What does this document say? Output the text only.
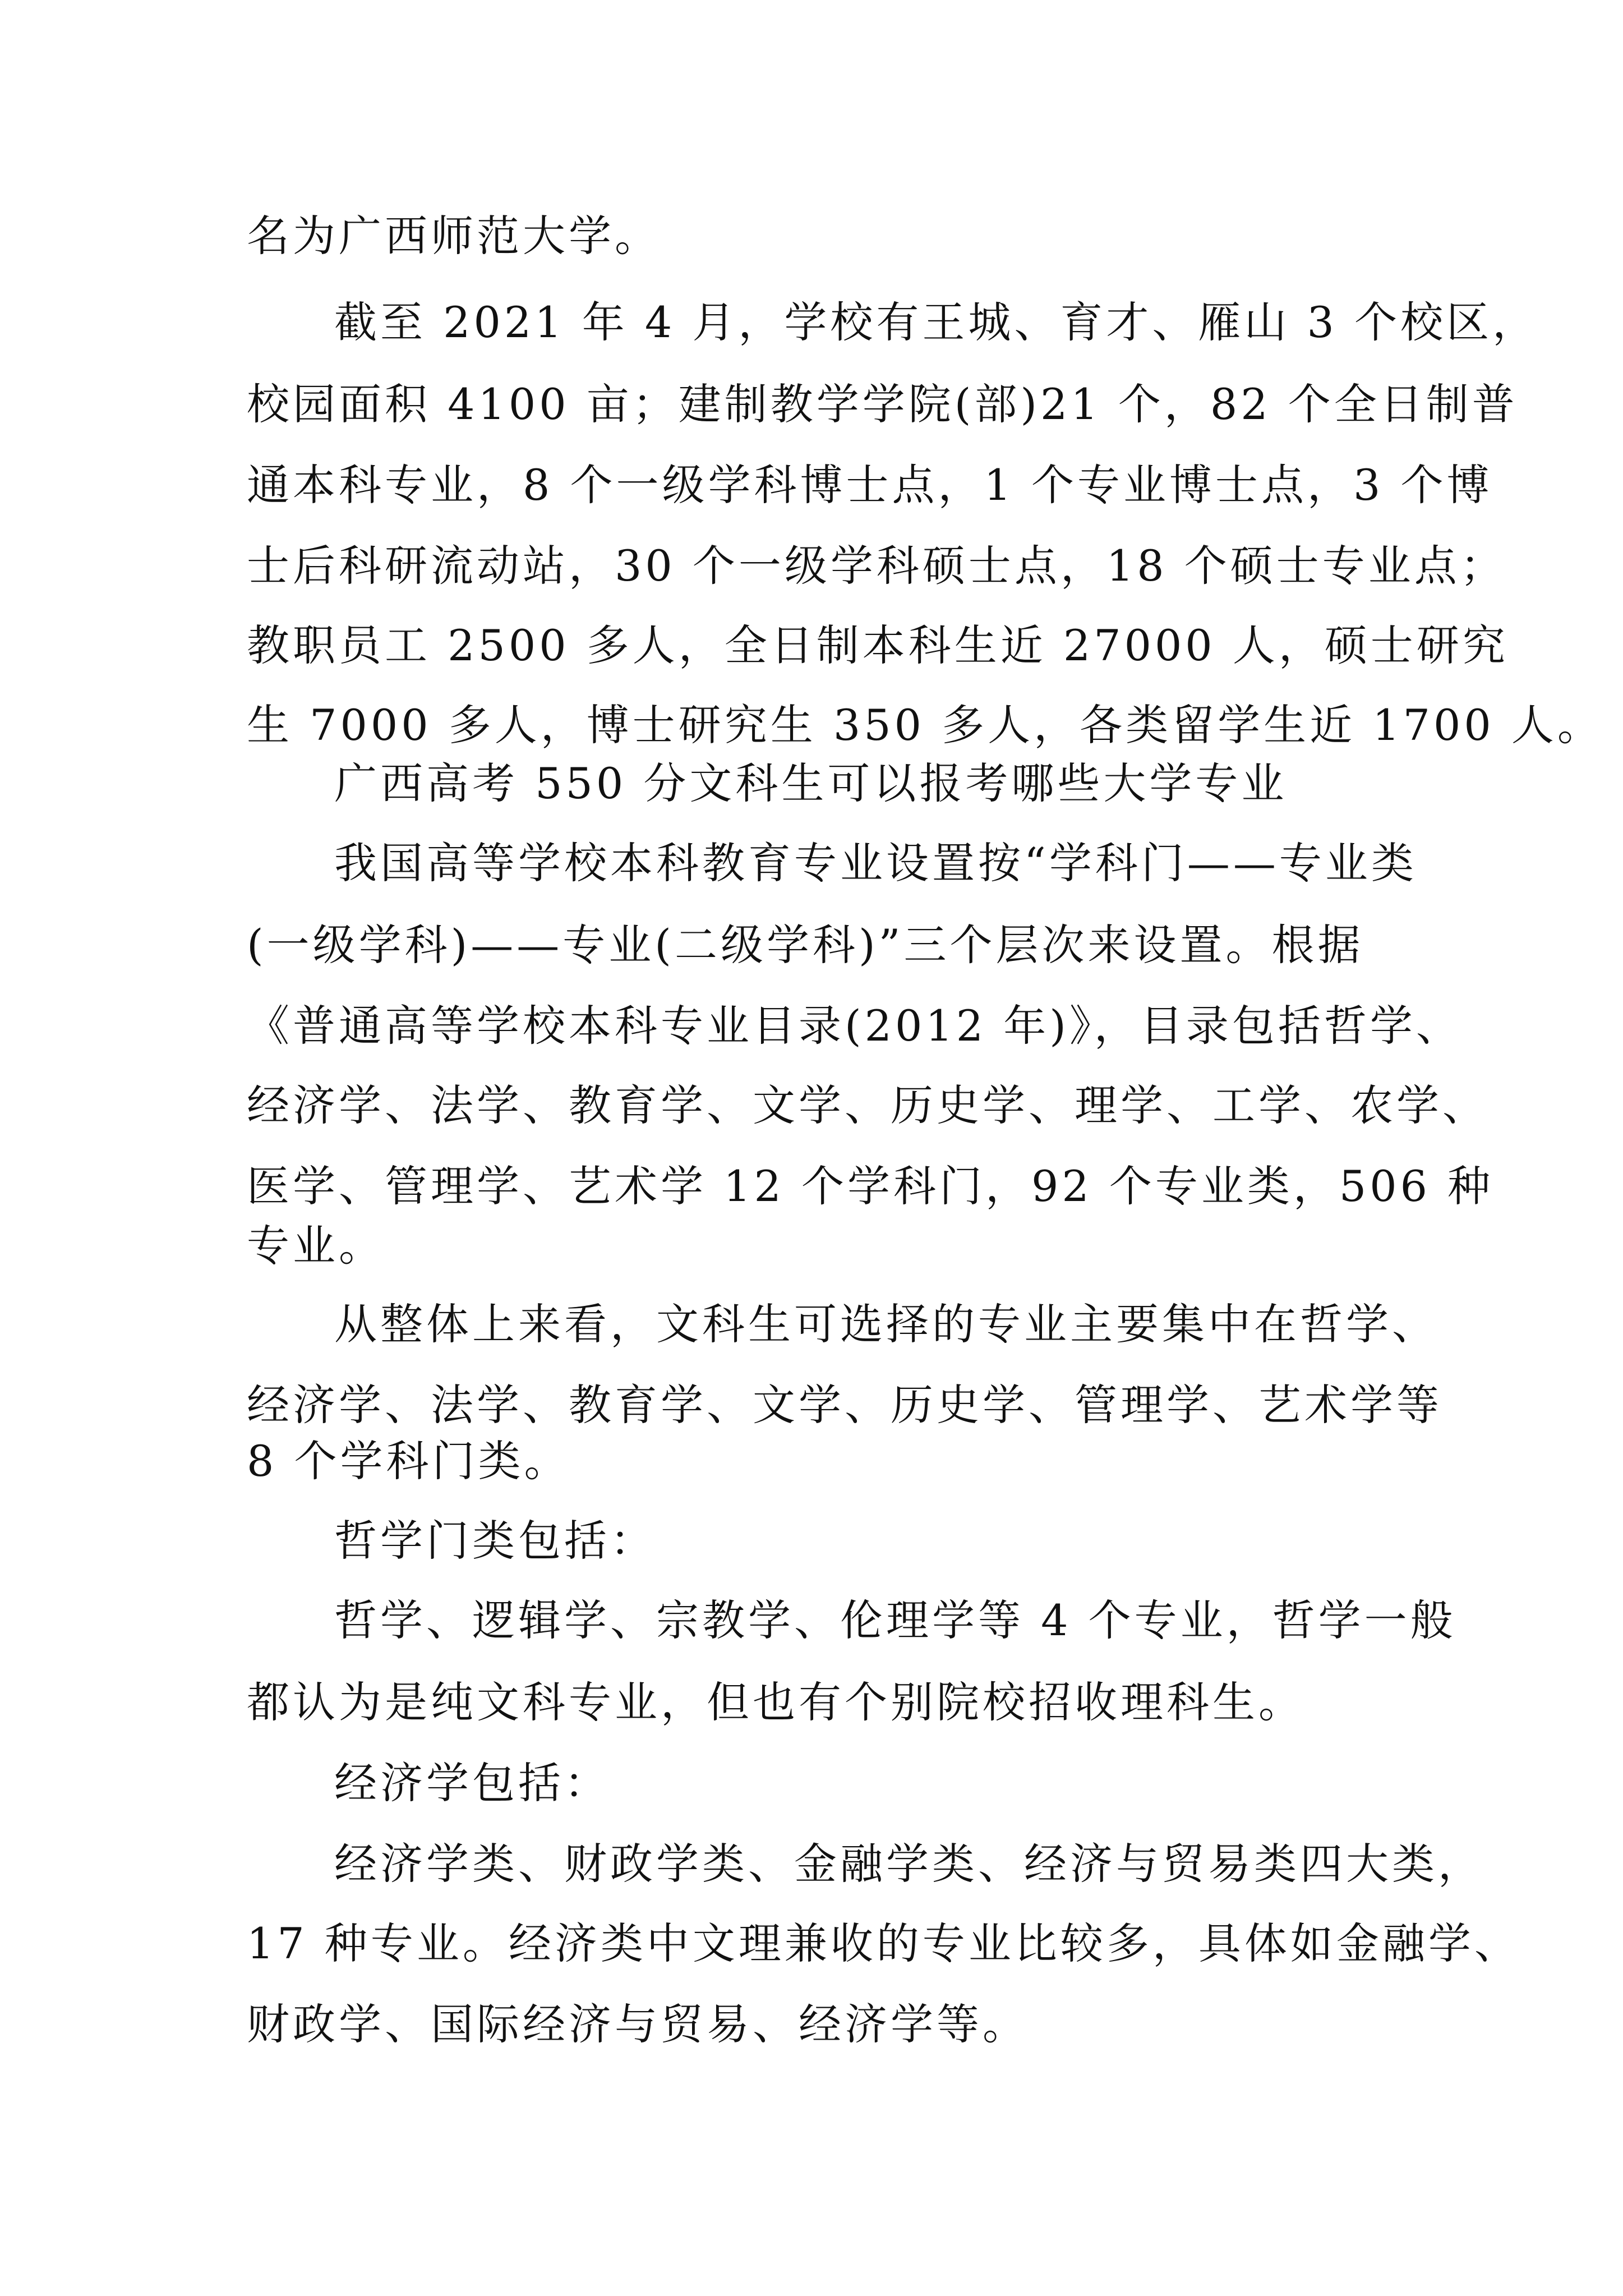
名为广西师范大学。

截至 2021 年 4 月，学校有王城、育才、雁山 3 个校区，

校园面积 4100 亩；建制教学学院(部)21 个，82 个全日制普

通本科专业，8 个一级学科博士点，1 个专业博士点，3 个博

士后科研流动站，30 个一级学科硕士点，18 个硕士专业点；

教职员工 2500 多人，全日制本科生近 27000 人，硕士研究

生 7000 多人，博士研究生 350 多人，各类留学生近 1700 人。

广西高考 550 分文科生可以报考哪些大学专业

我国高等学校本科教育专业设置按“学科门——专业类

(一级学科)——专业(二级学科)”三个层次来设置。根据

《普通高等学校本科专业目录(2012 年)》，目录包括哲学、

经济学、法学、教育学、文学、历史学、理学、工学、农学、

医学、管理学、艺术学 12 个学科门，92 个专业类，506 种

专业。

从整体上来看，文科生可选择的专业主要集中在哲学、

经济学、法学、教育学、文学、历史学、管理学、艺术学等

8 个学科门类。

哲学门类包括：

哲学、逻辑学、宗教学、伦理学等 4 个专业，哲学一般

都认为是纯文科专业，但也有个别院校招收理科生。

经济学包括：

经济学类、财政学类、金融学类、经济与贸易类四大类，

17 种专业。经济类中文理兼收的专业比较多，具体如金融学、

财政学、国际经济与贸易、经济学等。
